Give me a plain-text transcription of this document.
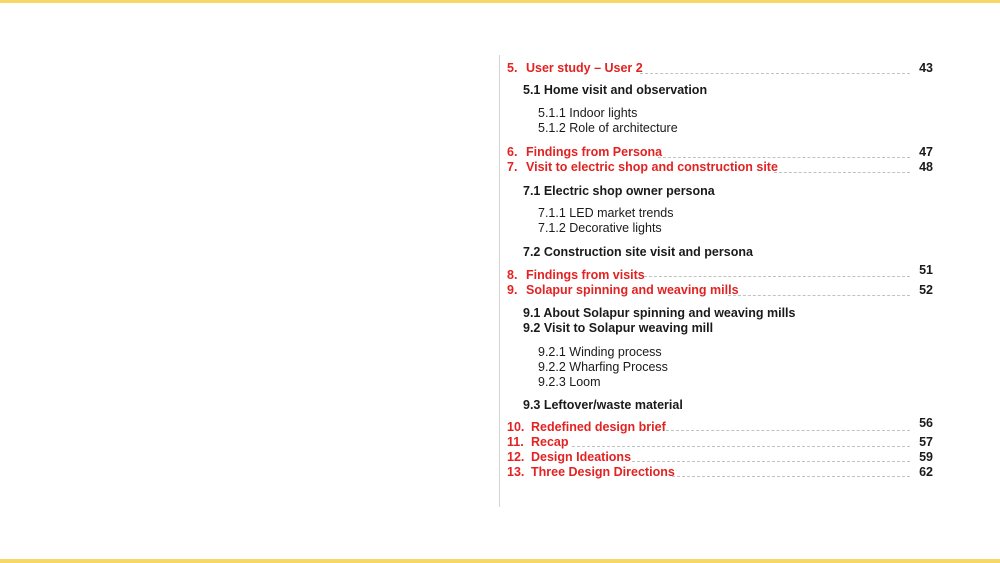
5. User study – User 2	43
5.1 Home visit and observation
5.1.1 Indoor lights
5.1.2 Role of architecture
6. Findings from Persona	47
7. Visit to electric shop and construction site	48
7.1 Electric shop owner persona
7.1.1 LED market trends
7.1.2 Decorative lights
7.2 Construction site visit and persona
8. Findings from visits	51
9. Solapur spinning and weaving mills	52
9.1 About Solapur spinning and weaving mills
9.2 Visit to Solapur weaving mill
9.2.1 Winding process
9.2.2 Wharfing Process
9.2.3 Loom
9.3 Leftover/waste material
10. Redefined design brief	56
11. Recap	57
12. Design Ideations	59
13. Three Design Directions	62
